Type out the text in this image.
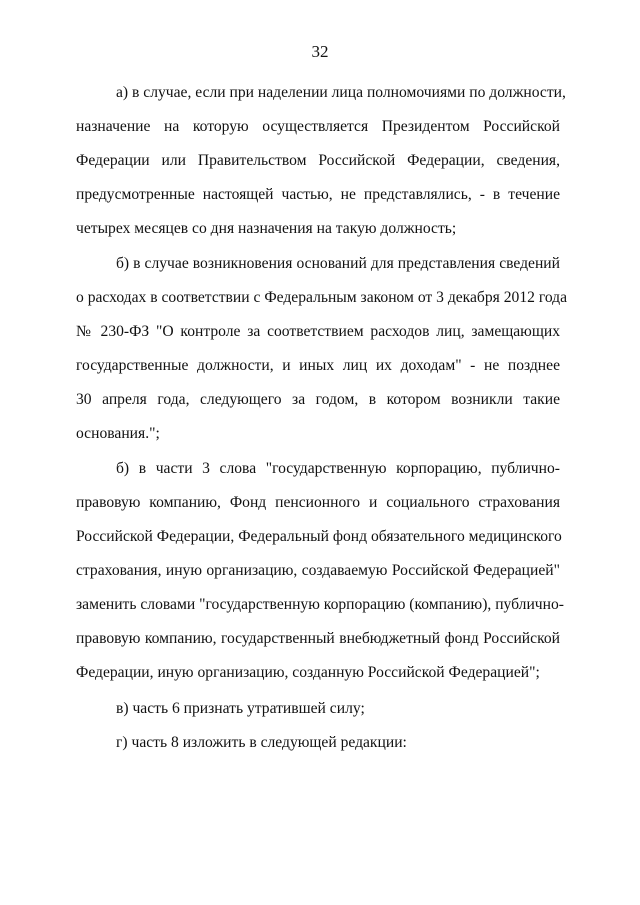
32
а) в случае, если при наделении лица полномочиями по должности,
назначение на которую осуществляется Президентом Российской
Федерации или Правительством Российской Федерации, сведения,
предусмотренные настоящей частью, не представлялись, - в течение
четырех месяцев со дня назначения на такую должность;
б) в случае возникновения оснований для представления сведений
о расходах в соответствии с Федеральным законом от 3 декабря 2012 года
№ 230-ФЗ "О контроле за соответствием расходов лиц, замещающих
государственные должности, и иных лиц их доходам" - не позднее
30 апреля года, следующего за годом, в котором возникли такие
основания.";
б) в части 3 слова "государственную корпорацию, публично-
правовую компанию, Фонд пенсионного и социального страхования
Российской Федерации, Федеральный фонд обязательного медицинского
страхования, иную организацию, создаваемую Российской Федерацией"
заменить словами "государственную корпорацию (компанию), публично-
правовую компанию, государственный внебюджетный фонд Российской
Федерации, иную организацию, созданную Российской Федерацией";
в) часть 6 признать утратившей силу;
г) часть 8 изложить в следующей редакции:
